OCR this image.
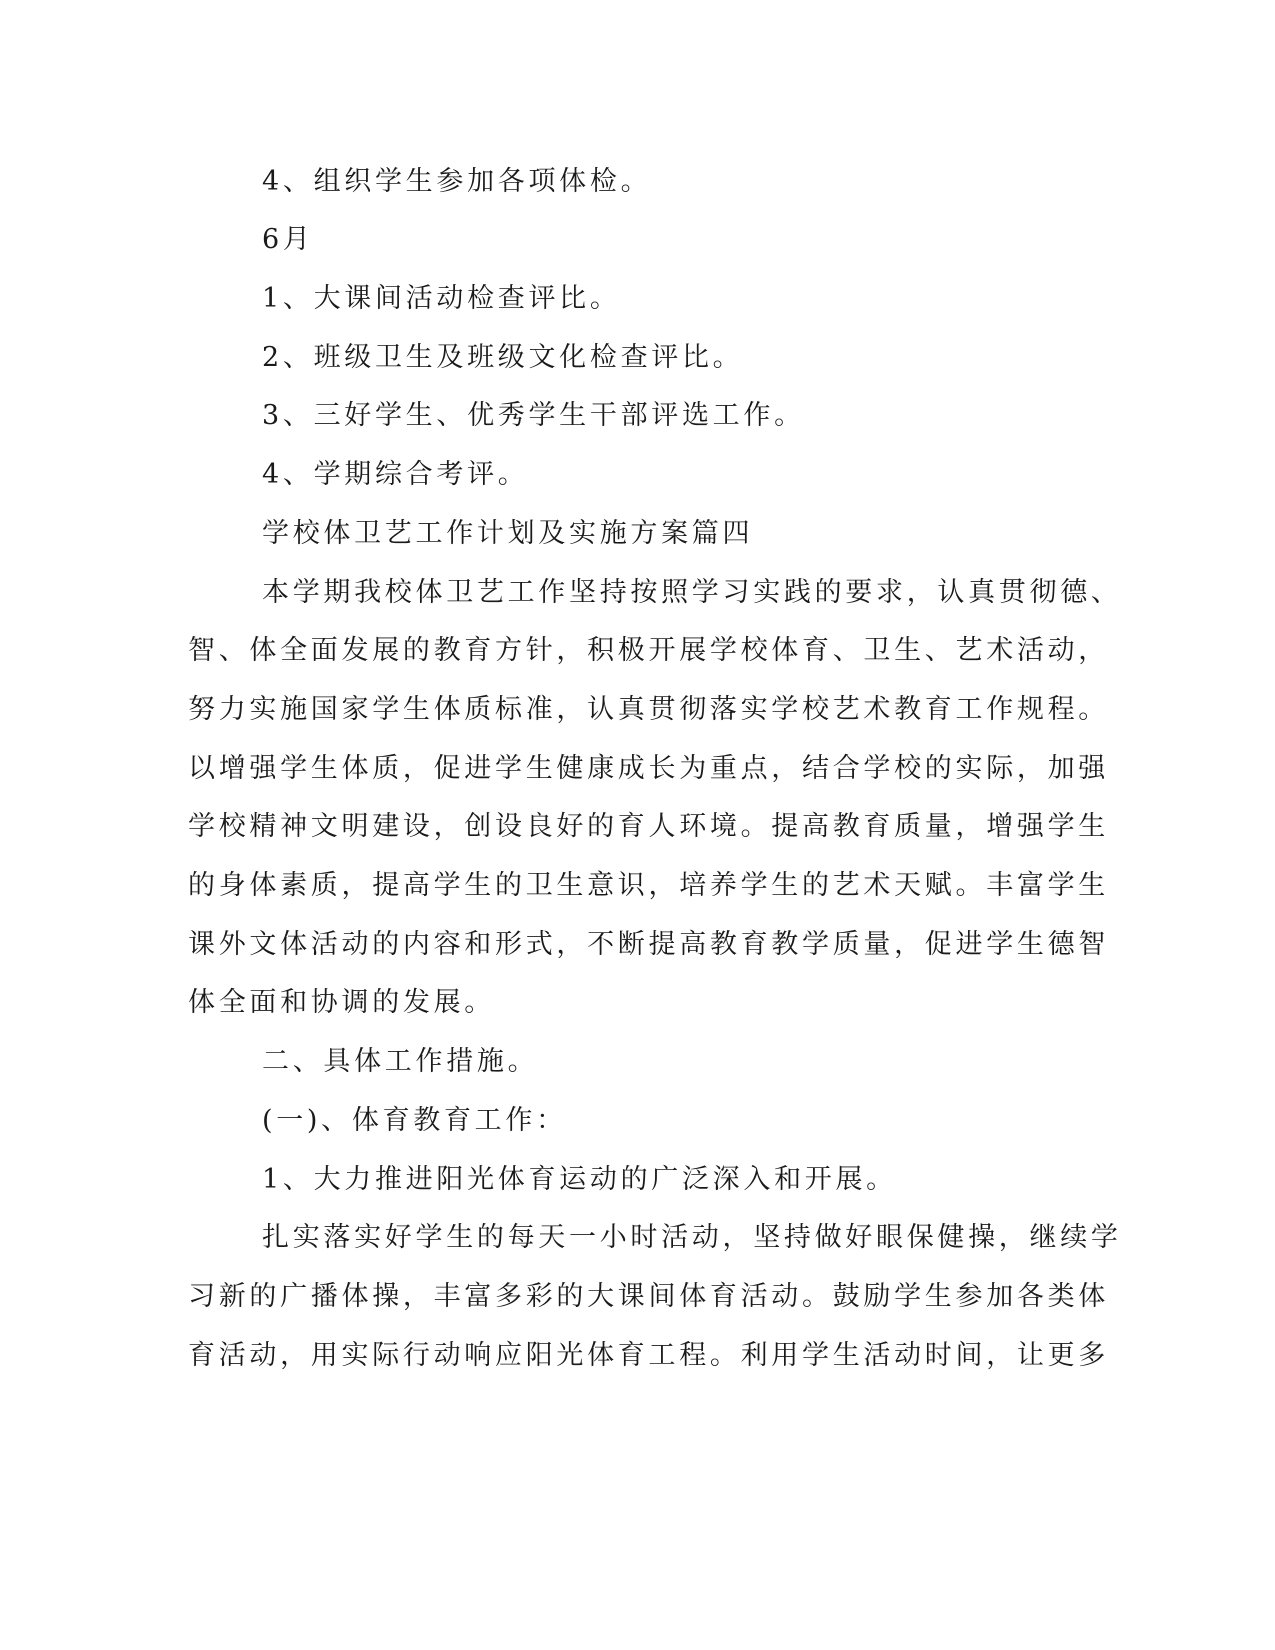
4、组织学生参加各项体检。

6月

1、大课间活动检查评比。

2、班级卫生及班级文化检查评比。

3、三好学生、优秀学生干部评选工作。

4、学期综合考评。

学校体卫艺工作计划及实施方案篇四

本学期我校体卫艺工作坚持按照学习实践的要求，认真贯彻德、

智、体全面发展的教育方针，积极开展学校体育、卫生、艺术活动，

努力实施国家学生体质标准，认真贯彻落实学校艺术教育工作规程。

以增强学生体质，促进学生健康成长为重点，结合学校的实际，加强

学校精神文明建设，创设良好的育人环境。提高教育质量，增强学生

的身体素质，提高学生的卫生意识，培养学生的艺术天赋。丰富学生

课外文体活动的内容和形式，不断提高教育教学质量，促进学生德智

体全面和协调的发展。

二、具体工作措施。

(一)、体育教育工作：

1、大力推进阳光体育运动的广泛深入和开展。

扎实落实好学生的每天一小时活动，坚持做好眼保健操，继续学

习新的广播体操，丰富多彩的大课间体育活动。鼓励学生参加各类体

育活动，用实际行动响应阳光体育工程。利用学生活动时间，让更多
